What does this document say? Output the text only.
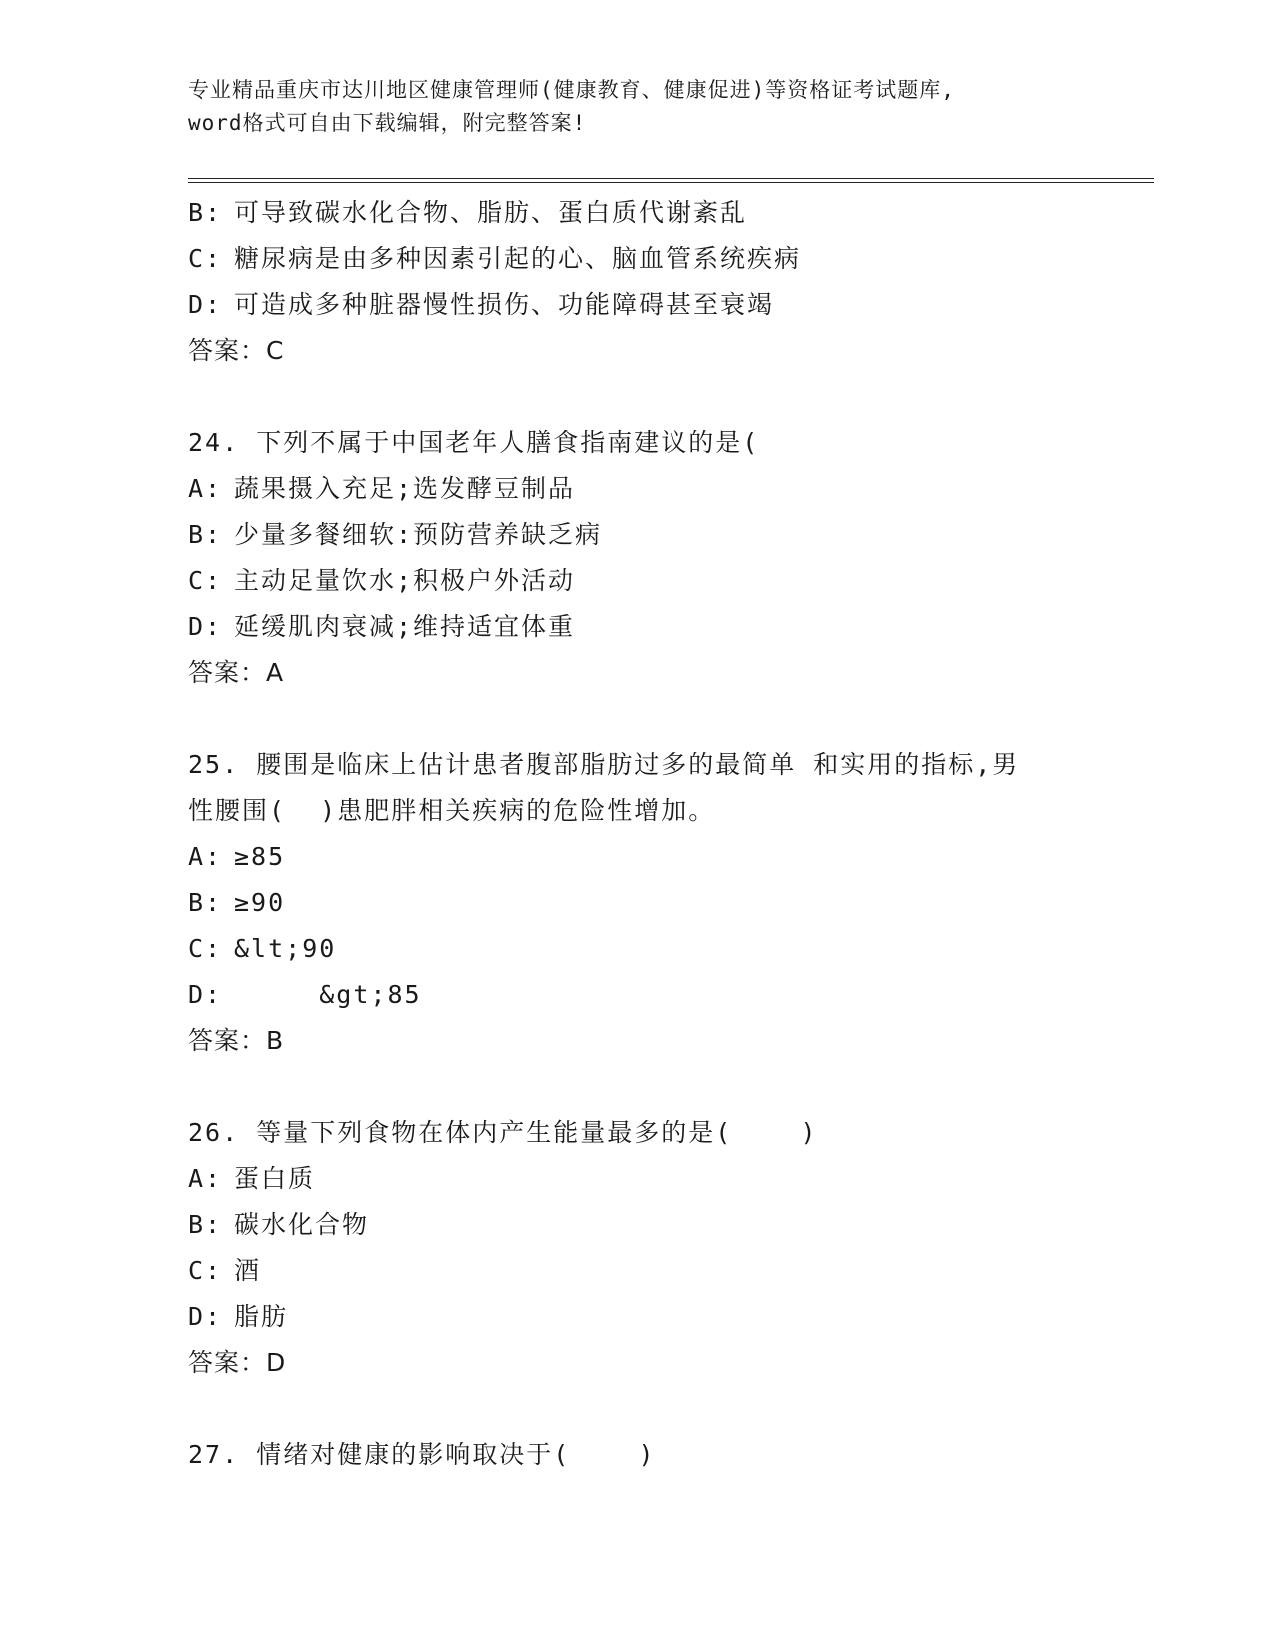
专业精品重庆市达川地区健康管理师(健康教育、健康促进)等资格证考试题库,
word格式可自由下载编辑，附完整答案!
B: 可导致碳水化合物、脂肪、蛋白质代谢紊乱
C: 糖尿病是由多种因素引起的心、脑血管系统疾病
D: 可造成多种脏器慢性损伤、功能障碍甚至衰竭
答案：C
24. 下列不属于中国老年人膳食指南建议的是(
A: 蔬果摄入充足;选发酵豆制品
B: 少量多餐细软:预防营养缺乏病
C: 主动足量饮水;积极户外活动
D: 延缓肌肉衰减;维持适宜体重
答案：A
25. 腰围是临床上估计患者腹部脂肪过多的最简单 和实用的指标,男
性腰围(  )患肥胖相关疾病的危险性增加。
A: ≥85
B: ≥90
C: &lt;90
D:     &gt;85
答案：B
26. 等量下列食物在体内产生能量最多的是(    )
A: 蛋白质
B: 碳水化合物
C: 酒
D: 脂肪
答案：D
27. 情绪对健康的影响取决于(    )
